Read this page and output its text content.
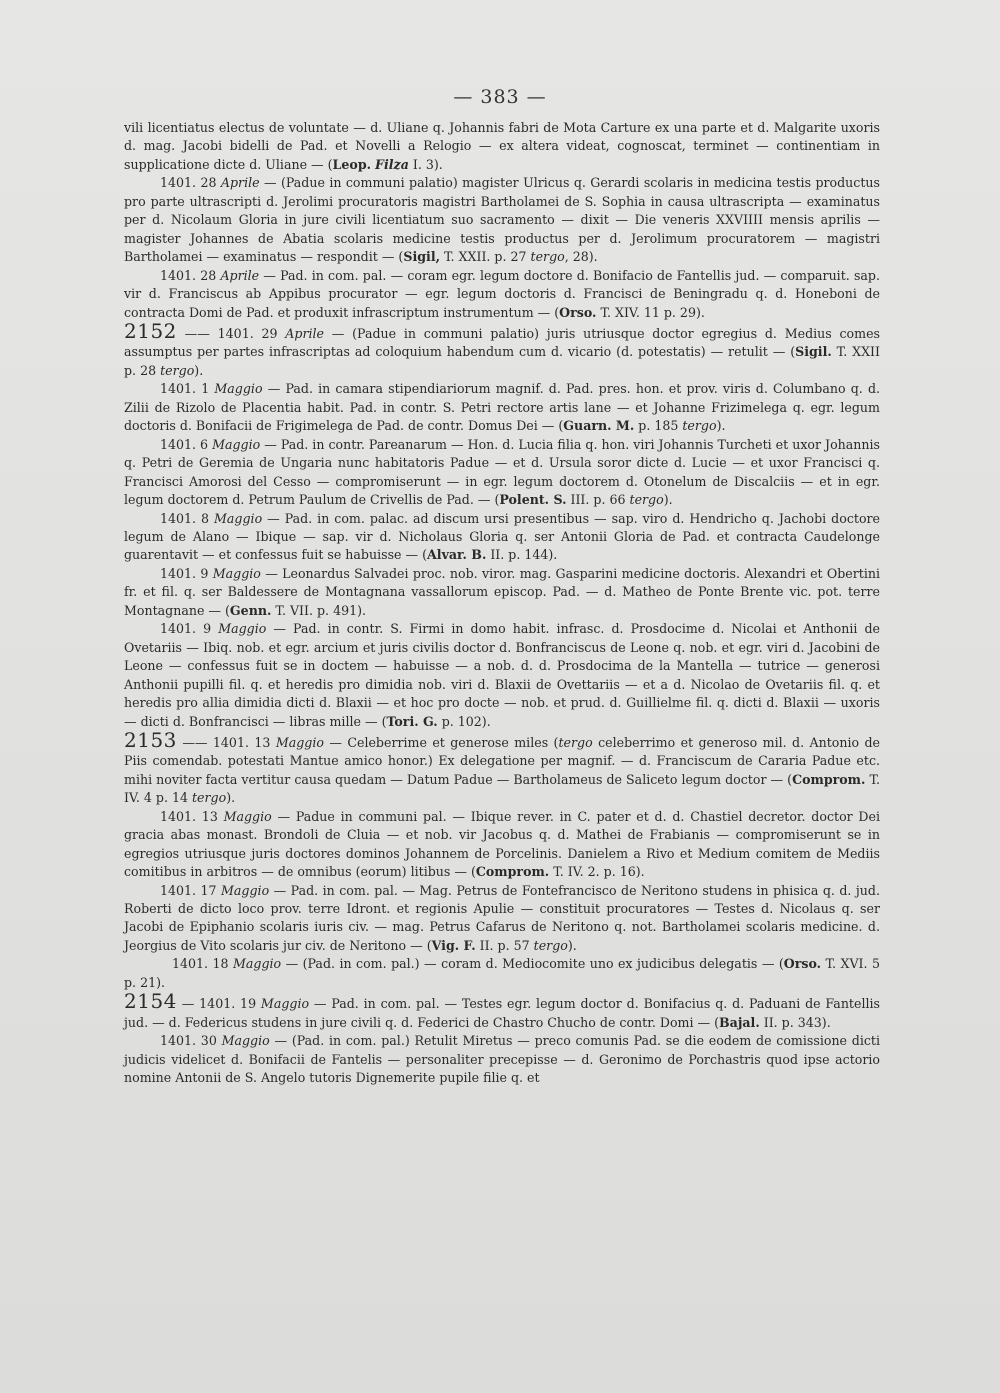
— 383 —

vili licentiatus electus de voluntate — d. Uliane q. Johannis fabri de Mota Carture ex una parte et d. Malgarite uxoris d. mag. Jacobi bidelli de Pad. et Novelli a Relogio — ex altera videat, cognoscat, terminet — continentiam in supplicatione dicte d. Uliane — (Leop. Filza I. 3).

1401. 28 Aprile — (Padue in communi palatio) magister Ulricus q. Gerardi scolaris in medicina testis productus pro parte ultrascripti d. Jerolimi procuratoris magistri Bartholamei de S. Sophia in causa ultrascripta — examinatus per d. Nicolaum Gloria in jure civili licentiatum suo sacramento — dixit — Die veneris XXVIIII mensis aprilis — magister Johannes de Abatia scolaris medicine testis productus per d. Jerolimum procuratorem — magistri Bartholamei — examinatus — respondit — (Sigil, T. XXII. p. 27 tergo, 28).

1401. 28 Aprile — Pad. in com. pal. — coram egr. legum doctore d. Bonifacio de Fantellis jud. — comparuit. sap. vir d. Franciscus ab Appibus procurator — egr. legum doctoris d. Francisci de Beningradu q. d. Honeboni de contracta Domi de Pad. et produxit infrascriptum instrumentum — (Orso. T. XIV. 11 p. 29).

2152 —— 1401. 29 Aprile — (Padue in communi palatio) juris utriusque doctor egregius d. Medius comes assumptus per partes infrascriptas ad coloquium habendum cum d. vicario (d. potestatis) — retulit — (Sigil. T. XXII p. 28 tergo).

1401. 1 Maggio — Pad. in camara stipendiariorum magnif. d. Pad. pres. hon. et prov. viris d. Columbano q. d. Zilii de Rizolo de Placentia habit. Pad. in contr. S. Petri rectore artis lane — et Johanne Frizimelega q. egr. legum doctoris d. Bonifacii de Frigimelega de Pad. de contr. Domus Dei — (Guarn. M. p. 185 tergo).

1401. 6 Maggio — Pad. in contr. Pareanarum — Hon. d. Lucia filia q. hon. viri Johannis Turcheti et uxor Johannis q. Petri de Geremia de Ungaria nunc habitatoris Padue — et d. Ursula soror dicte d. Lucie — et uxor Francisci q. Francisci Amorosi del Cesso — compromiserunt — in egr. legum doctorem d. Otonelum de Discalciis — et in egr. legum doctorem d. Petrum Paulum de Crivellis de Pad. — (Polent. S. III. p. 66 tergo).

1401. 8 Maggio — Pad. in com. palac. ad discum ursi presentibus — sap. viro d. Hendricho q. Jachobi doctore legum de Alano — Ibique — sap. vir d. Nicholaus Gloria q. ser Antonii Gloria de Pad. et contracta Caudelonge guarentavit — et confessus fuit se habuisse — (Alvar. B. II. p. 144).

1401. 9 Maggio — Leonardus Salvadei proc. nob. viror. mag. Gasparini medicine doctoris. Alexandri et Obertini fr. et fil. q. ser Baldessere de Montagnana vassallorum episcop. Pad. — d. Matheo de Ponte Brente vic. pot. terre Montagnane — (Genn. T. VII. p. 491).

1401. 9 Maggio — Pad. in contr. S. Firmi in domo habit. infrasc. d. Prosdocime d. Nicolai et Anthonii de Ovetariis — Ibiq. nob. et egr. arcium et juris civilis doctor d. Bonfranciscus de Leone q. nob. et egr. viri d. Jacobini de Leone — confessus fuit se in doctem — habuisse — a nob. d. d. Prosdocima de la Mantella — tutrice — generosi Anthonii pupilli fil. q. et heredis pro dimidia nob. viri d. Blaxii de Ovettariis — et a d. Nicolao de Ovetariis fil. q. et heredis pro allia dimidia dicti d. Blaxii — et hoc pro docte — nob. et prud. d. Guillielme fil. q. dicti d. Blaxii — uxoris — dicti d. Bonfrancisci — libras mille — (Tori. G. p. 102).

2153 —— 1401. 13 Maggio — Celeberrime et generose miles (tergo celeberrimo et generoso mil. d. Antonio de Piis comendab. potestati Mantue amico honor.) Ex delegatione per magnif. — d. Franciscum de Cararia Padue etc. mihi noviter facta vertitur causa quedam — Datum Padue — Bartholameus de Saliceto legum doctor — (Comprom. T. IV. 4 p. 14 tergo).

1401. 13 Maggio — Padue in communi pal. — Ibique rever. in C. pater et d. d. Chastiel decretor. doctor Dei gracia abas monast. Brondoli de Cluia — et nob. vir Jacobus q. d. Mathei de Frabianis — compromiserunt se in egregios utriusque juris doctores dominos Johannem de Porcelinis. Danielem a Rivo et Medium comitem de Mediis comitibus in arbitros — de omnibus (eorum) litibus — (Comprom. T. IV. 2. p. 16).

1401. 17 Maggio — Pad. in com. pal. — Mag. Petrus de Fontefrancisco de Neritono studens in phisica q. d. jud. Roberti de dicto loco prov. terre Idront. et regionis Apulie — constituit procuratores — Testes d. Nicolaus q. ser Jacobi de Epiphanio scolaris iuris civ. — mag. Petrus Cafarus de Neritono q. not. Bartholamei scolaris medicine. d. Jeorgius de Vito scolaris jur civ. de Neritono — (Vig. F. II. p. 57 tergo).

1401. 18 Maggio — (Pad. in com. pal.) — coram d. Mediocomite uno ex judicibus delegatis — (Orso. T. XVI. 5 p. 21).

2154 — 1401. 19 Maggio — Pad. in com. pal. — Testes egr. legum doctor d. Bonifacius q. d. Paduani de Fantellis jud. — d. Federicus studens in jure civili q. d. Federici de Chastro Chucho de contr. Domi — (Bajal. II. p. 343).

1401. 30 Maggio — (Pad. in com. pal.) Retulit Miretus — preco comunis Pad. se die eodem de comissione dicti judicis videlicet d. Bonifacii de Fantelis — personaliter precepisse — d. Geronimo de Porchastris quod ipse actorio nomine Antonii de S. Angelo tutoris Dignemerite pupile filie q. et
